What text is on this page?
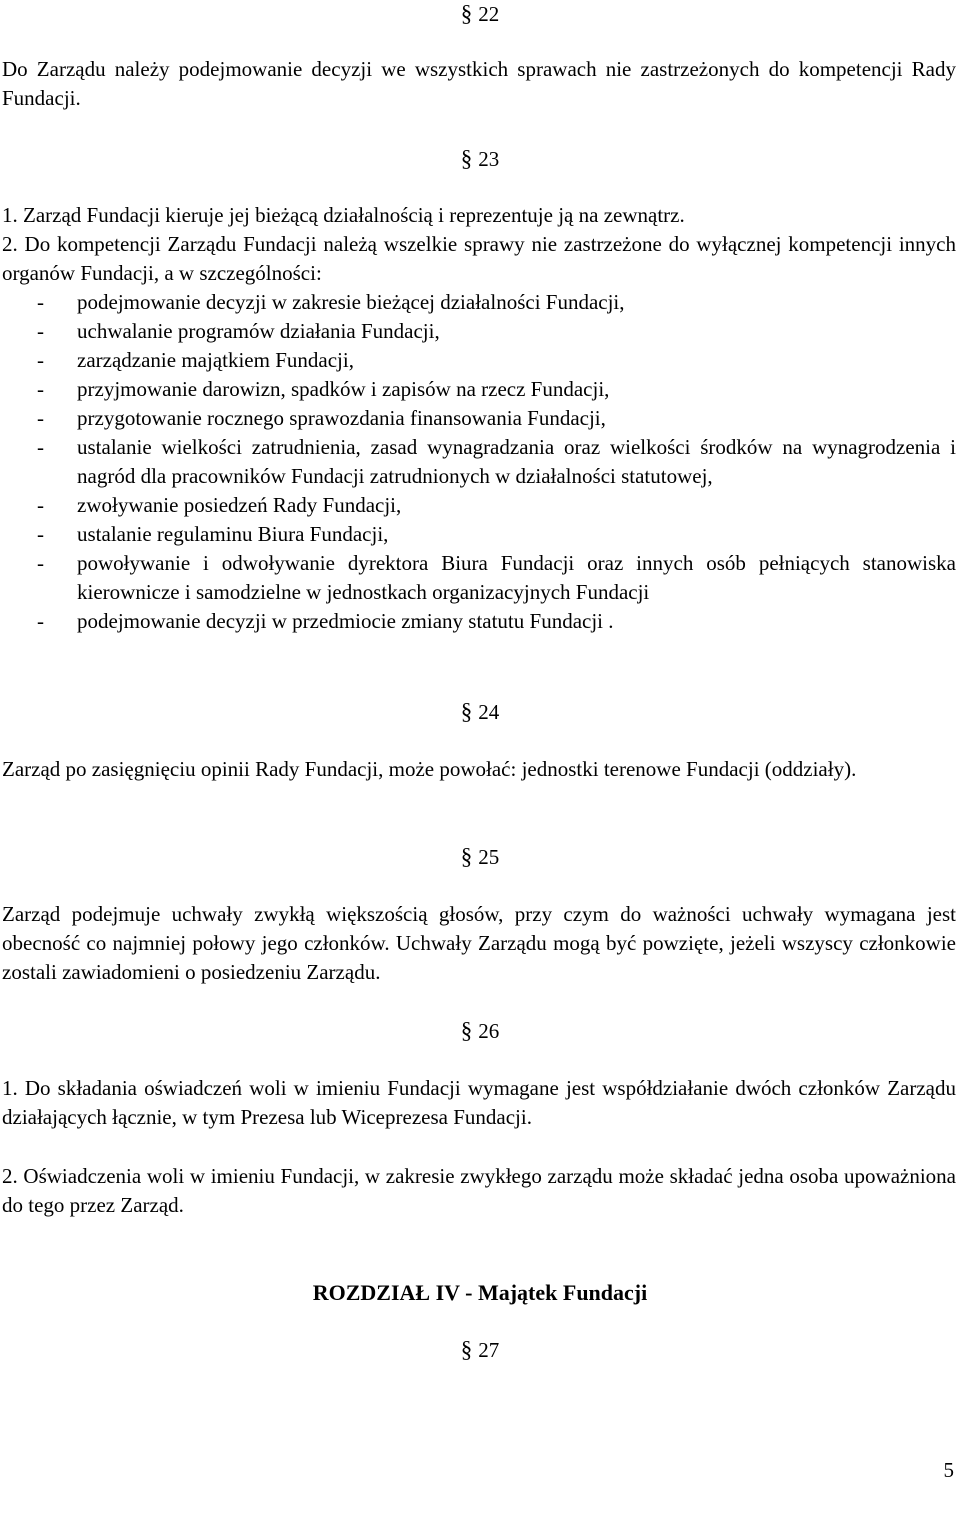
§ 22

Do Zarządu należy podejmowanie decyzji we wszystkich sprawach nie zastrzeżonych do kompetencji Rady Fundacji.

§ 23

1. Zarząd Fundacji kieruje jej bieżącą działalnością i reprezentuje ją na zewnątrz.

2. Do kompetencji Zarządu Fundacji należą wszelkie sprawy nie zastrzeżone do wyłącznej kompetencji innych organów Fundacji, a w szczególności:

- podejmowanie decyzji w zakresie bieżącej działalności Fundacji,
- uchwalanie programów działania Fundacji,
- zarządzanie majątkiem Fundacji,
- przyjmowanie darowizn, spadków i zapisów na rzecz Fundacji,
- przygotowanie rocznego sprawozdania finansowania Fundacji,
- ustalanie wielkości zatrudnienia, zasad wynagradzania oraz wielkości środków na wynagrodzenia i nagród dla pracowników Fundacji zatrudnionych w działalności statutowej,
- zwoływanie posiedzeń Rady Fundacji,
- ustalanie regulaminu Biura Fundacji,
- powoływanie i odwoływanie dyrektora Biura Fundacji oraz innych osób pełniących stanowiska kierownicze i samodzielne w jednostkach organizacyjnych Fundacji
- podejmowanie decyzji w przedmiocie zmiany statutu Fundacji .
§ 24

Zarząd po zasięgnięciu opinii Rady Fundacji, może powołać: jednostki terenowe Fundacji (oddziały).

§ 25

Zarząd podejmuje uchwały zwykłą większością głosów, przy czym do ważności uchwały wymagana jest obecność co najmniej połowy jego członków. Uchwały Zarządu mogą być powzięte, jeżeli wszyscy członkowie zostali zawiadomieni o posiedzeniu Zarządu.

§ 26

1. Do składania oświadczeń woli w imieniu Fundacji wymagane jest współdziałanie dwóch członków Zarządu działających łącznie, w tym Prezesa lub Wiceprezesa Fundacji.

2. Oświadczenia woli w imieniu Fundacji, w zakresie zwykłego zarządu może składać jedna osoba upoważniona do tego przez Zarząd.

ROZDZIAŁ IV - Majątek Fundacji
§ 27
5
